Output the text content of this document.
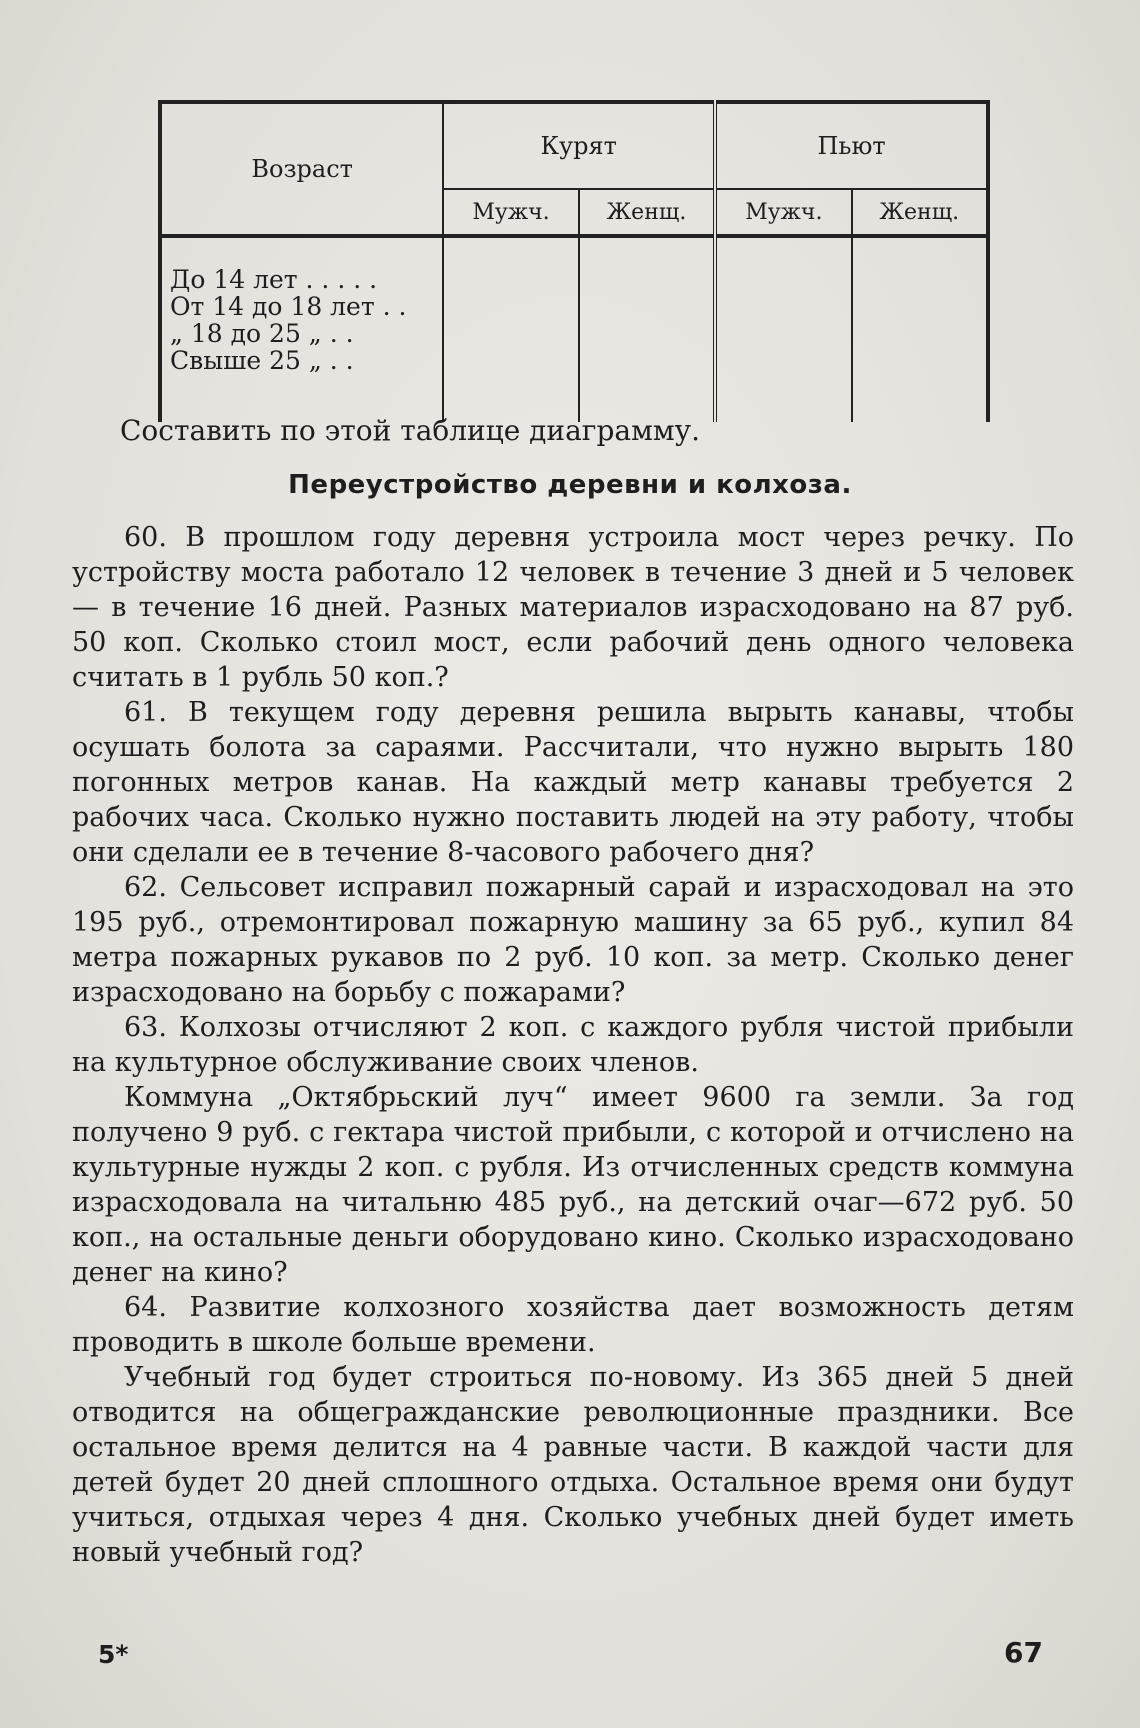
Возраст	Курят		Пьют	
	Мужч.	Женщ.	Мужч.	Женщ.

До 14 лет . . . . .
От 14 до 18 лет . .
„ 18 до 25 „ . .
Свыше 25 „ . .				

Составить по этой таблице диаграмму.
Переустройство деревни и колхоза.

60. В прошлом году деревня устроила мост через речку. По устройству моста работало 12 человек в течение 3 дней и 5 человек — в течение 16 дней. Разных материалов израсходовано на 87 руб. 50 коп. Сколько стоил мост, если рабочий день одного человека считать в 1 рубль 50 коп.?

61. В текущем году деревня решила вырыть канавы, чтобы осушать болота за сараями. Рассчитали, что нужно вырыть 180 погонных метров канав. На каждый метр канавы требуется 2 рабочих часа. Сколько нужно поставить людей на эту работу, чтобы они сделали ее в течение 8-часового рабочего дня?

62. Сельсовет исправил пожарный сарай и израсходовал на это 195 руб., отремонтировал пожарную машину за 65 руб., купил 84 метра пожарных рукавов по 2 руб. 10 коп. за метр. Сколько денег израсходовано на борьбу с пожарами?

63. Колхозы отчисляют 2 коп. с каждого рубля чистой прибыли на культурное обслуживание своих членов.

Коммуна „Октябрьский луч“ имеет 9600 га земли. За год получено 9 руб. с гектара чистой прибыли, с которой и отчислено на культурные нужды 2 коп. с рубля. Из отчисленных средств коммуна израсходовала на читальню 485 руб., на детский очаг—672 руб. 50 коп., на остальные деньги оборудовано кино. Сколько израсходовано денег на кино?

64. Развитие колхозного хозяйства дает возможность детям проводить в школе больше времени.

Учебный год будет строиться по-новому. Из 365 дней 5 дней отводится на общегражданские революционные праздники. Все остальное время делится на 4 равные части. В каждой части для детей будет 20 дней сплошного отдыха. Остальное время они будут учиться, отдыхая через 4 дня. Сколько учебных дней будет иметь новый учебный год?

5*	67
